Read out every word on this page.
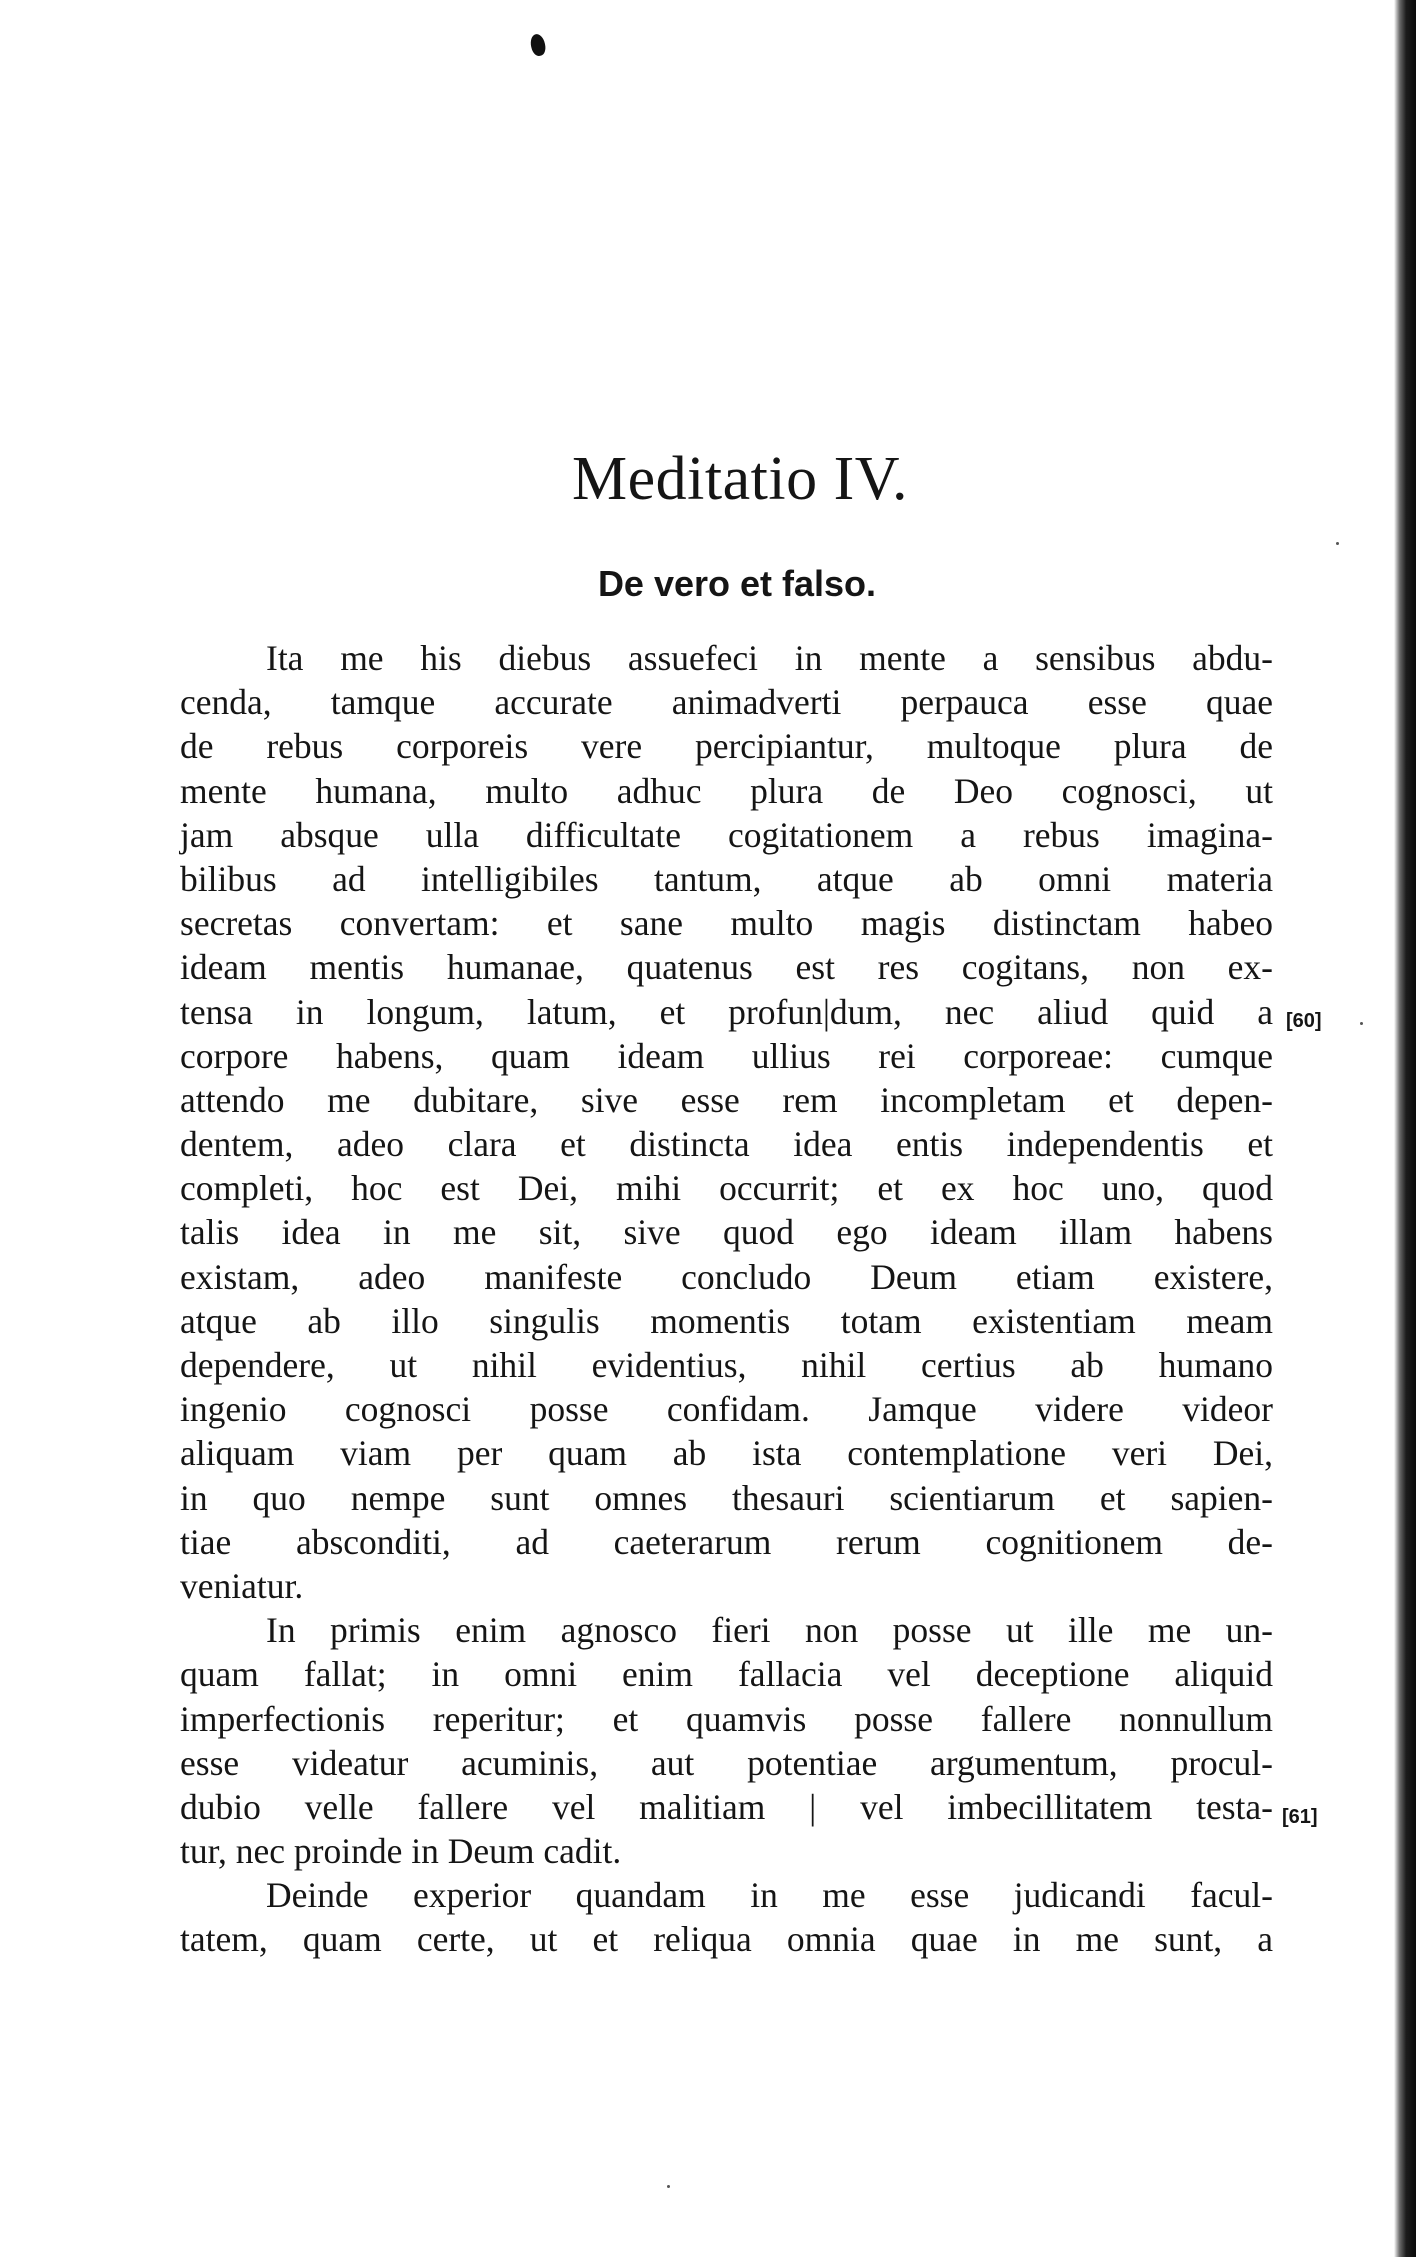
Meditatio IV.
De vero et falso.
Ita me his diebus assuefeci in mente a sensibus abdu-
cenda, tamque accurate animadverti perpauca esse quae
de rebus corporeis vere percipiantur, multoque plura de
mente humana, multo adhuc plura de Deo cognosci, ut
jam absque ulla difficultate cogitationem a rebus imagina-
bilibus ad intelligibiles tantum, atque ab omni materia
secretas convertam: et sane multo magis distinctam habeo
ideam mentis humanae, quatenus est res cogitans, non ex-
tensa in longum, latum, et profun|dum, nec aliud quid a
corpore habens, quam ideam ullius rei corporeae: cumque
attendo me dubitare, sive esse rem incompletam et depen-
dentem, adeo clara et distincta idea entis independentis et
completi, hoc est Dei, mihi occurrit; et ex hoc uno, quod
talis idea in me sit, sive quod ego ideam illam habens
existam, adeo manifeste concludo Deum etiam existere,
atque ab illo singulis momentis totam existentiam meam
dependere, ut nihil evidentius, nihil certius ab humano
ingenio cognosci posse confidam. Jamque videre videor
aliquam viam per quam ab ista contemplatione veri Dei,
in quo nempe sunt omnes thesauri scientiarum et sapien-
tiae absconditi, ad caeterarum rerum cognitionem de-
veniatur.
In primis enim agnosco fieri non posse ut ille me un-
quam fallat; in omni enim fallacia vel deceptione aliquid
imperfectionis reperitur; et quamvis posse fallere nonnullum
esse videatur acuminis, aut potentiae argumentum, procul-
dubio velle fallere vel malitiam | vel imbecillitatem testa-
tur, nec proinde in Deum cadit.
Deinde experior quandam in me esse judicandi facul-
tatem, quam certe, ut et reliqua omnia quae in me sunt, a
[60]
[61]
